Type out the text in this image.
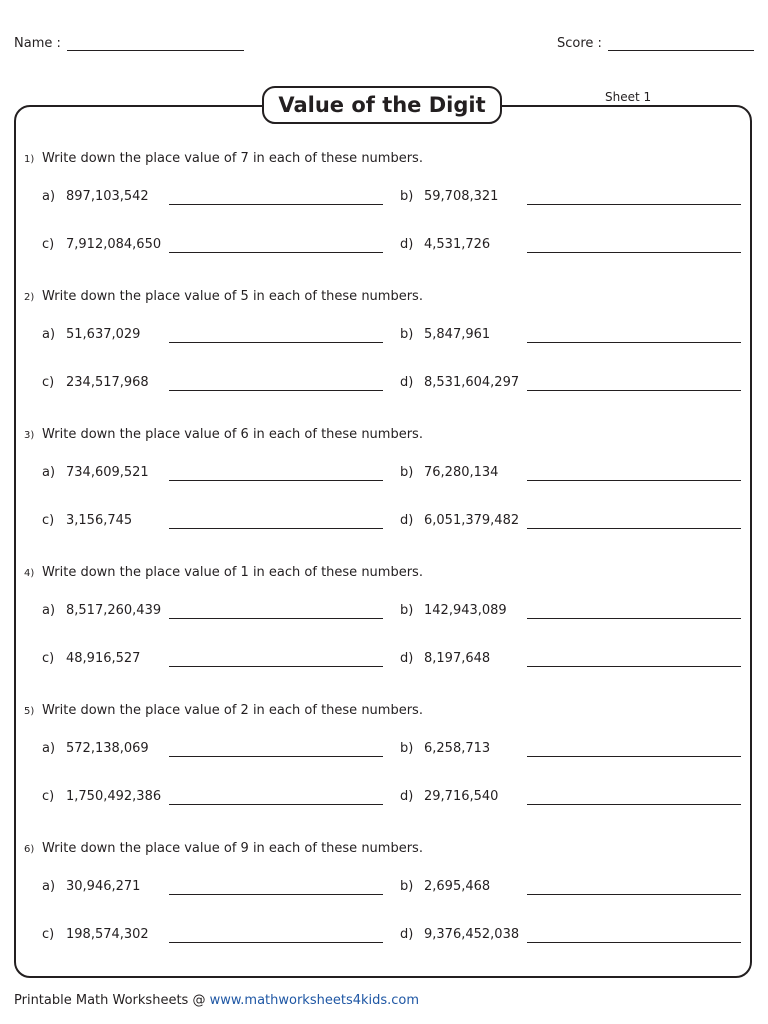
Name :	Score :
Value of the Digit	Sheet 1
1) Write down the place value of 7 in each of these numbers.
a) 897,103,542	b) 59,708,321
c) 7,912,084,650	d) 4,531,726
2) Write down the place value of 5 in each of these numbers.
a) 51,637,029	b) 5,847,961
c) 234,517,968	d) 8,531,604,297
3) Write down the place value of 6 in each of these numbers.
a) 734,609,521	b) 76,280,134
c) 3,156,745	d) 6,051,379,482
4) Write down the place value of 1 in each of these numbers.
a) 8,517,260,439	b) 142,943,089
c) 48,916,527	d) 8,197,648
5) Write down the place value of 2 in each of these numbers.
a) 572,138,069	b) 6,258,713
c) 1,750,492,386	d) 29,716,540
6) Write down the place value of 9 in each of these numbers.
a) 30,946,271	b) 2,695,468
c) 198,574,302	d) 9,376,452,038
Printable Math Worksheets @ www.mathworksheets4kids.com
